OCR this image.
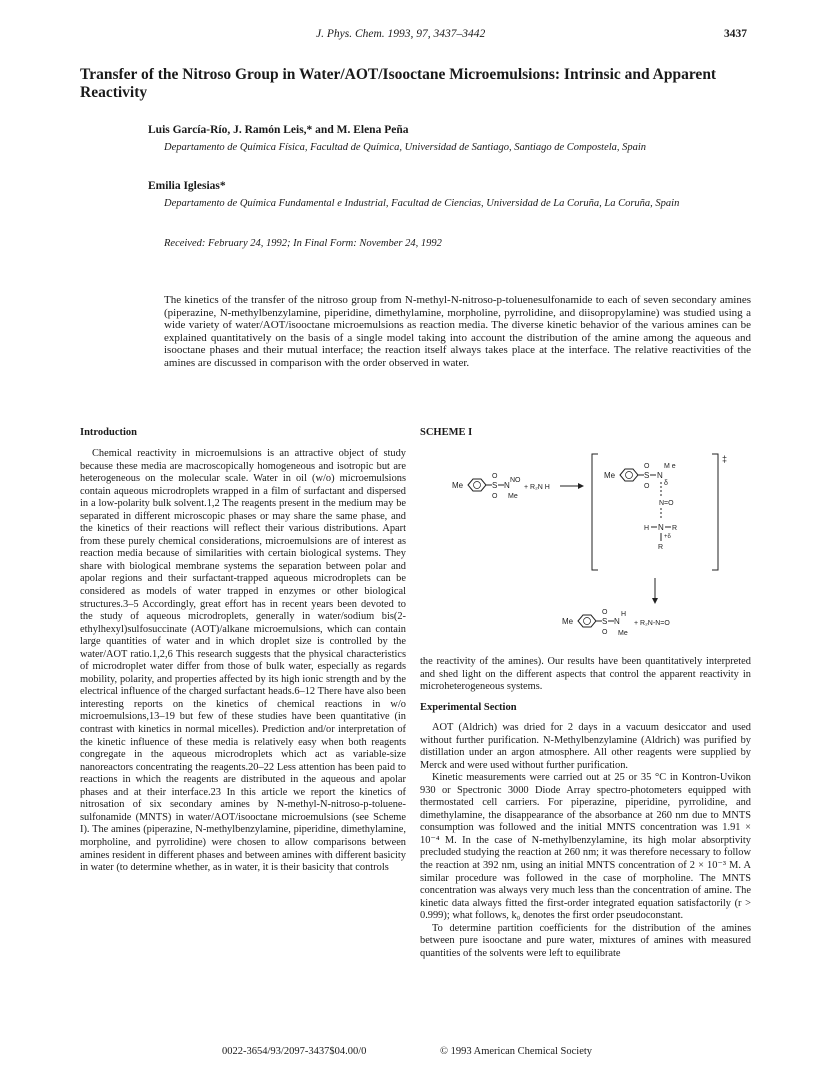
J. Phys. Chem. 1993, 97, 3437–3442	3437
Transfer of the Nitroso Group in Water/AOT/Isooctane Microemulsions: Intrinsic and Apparent Reactivity
Luis García-Río, J. Ramón Leis,* and M. Elena Peña
Departamento de Química Física, Facultad de Química, Universidad de Santiago, Santiago de Compostela, Spain
Emilia Iglesias*
Departamento de Química Fundamental e Industrial, Facultad de Ciencias, Universidad de La Coruña, La Coruña, Spain
Received: February 24, 1992; In Final Form: November 24, 1992

The kinetics of the transfer of the nitroso group from N-methyl-N-nitroso-p-toluenesulfonamide to each of seven secondary amines (piperazine, N-methylbenzylamine, piperidine, dimethylamine, morpholine, pyrrolidine, and diisopropylamine) was studied using a wide variety of water/AOT/isooctane microemulsions as reaction media. The diverse kinetic behavior of the various amines can be explained quantitatively on the basis of a single model taking into account the distribution of the amine among the aqueous and isooctane phases and their mutual interface; the reaction itself always takes place at the interface. The relative reactivities of the amines are discussed in comparison with the order observed in water.

Introduction

Chemical reactivity in microemulsions is an attractive object of study because these media are macroscopically homogeneous and isotropic but are heterogeneous on the molecular scale. Water in oil (w/o) microemulsions contain aqueous microdroplets wrapped in a film of surfactant and dispersed in a low-polarity bulk solvent.1,2 The reagents present in the medium may be separated in different microscopic phases or may share the same phase, and the kinetics of their reactions will reflect their various distributions. Apart from these purely chemical considerations, microemulsions are of interest as reaction media because of similarities with certain biological systems. They share with biological membrane systems the separation between polar and apolar regions and their surfactant-trapped aqueous microdroplets can be considered as models of water trapped in enzymes or other biological structures.3–5 Accordingly, great effort has in recent years been devoted to the study of aqueous microdroplets, generally in water/sodium bis(2-ethylhexyl)sulfosuccinate (AOT)/alkane microemulsions, which can contain large quantities of water and in which droplet size is controlled by the water/AOT ratio.1,2,6 This research suggests that the physical characteristics of microdroplet water differ from those of bulk water, especially as regards mobility, polarity, and properties affected by its high ionic strength and by the electrical influence of the charged surfactant heads.6–12 There have also been interesting reports on the kinetics of chemical reactions in w/o microemulsions,13–19 but few of these studies have been quantitative (in contrast with kinetics in normal micelles). Prediction and/or interpretation of the kinetic influence of these media is relatively easy when both reagents congregate in the aqueous microdroplets which act as variable-size nanoreactors concentrating the reagents.20–22 Less attention has been paid to reactions in which the reagents are distributed in the aqueous and apolar phases and at their interface.23 In this article we report the kinetics of nitrosation of six secondary amines by N-methyl-N-nitroso-p-toluene-sulfonamide (MNTS) in water/AOT/isooctane microemulsions (see Scheme I). The amines (piperazine, N-methylbenzylamine, piperidine, dimethylamine, morpholine, and pyrrolidine) were chosen to allow comparisons between amines resident in different phases and between amines with different basicity in water (to determine whether, as in water, it is their basicity that controls

SCHEME I
Me	S
O
O
N
NO
Me
+ R₂N H
‡
Me	S
O
O
N
M e
δ
N=O
H N R
+δ
R
Me	S
O
O
N
H
Me
+ R₂N-N=O

the reactivity of the amines). Our results have been quantitatively interpreted and shed light on the different aspects that control the apparent reactivity in microheterogeneous systems.

Experimental Section

AOT (Aldrich) was dried for 2 days in a vacuum desiccator and used without further purification. N-Methylbenzylamine (Aldrich) was purified by distillation under an argon atmosphere. All other reagents were supplied by Merck and were used without further purification.

Kinetic measurements were carried out at 25 or 35 °C in Kontron-Uvikon 930 or Spectronic 3000 Diode Array spectro-photometers equipped with thermostated cell carriers. For piperazine, piperidine, pyrrolidine, and dimethylamine, the disappearance of the absorbance at 260 nm due to MNTS consumption was followed and the initial MNTS concentration was 1.91 × 10⁻⁴ M. In the case of N-methylbenzylamine, its high molar absorptivity precluded studying the reaction at 260 nm; it was therefore necessary to follow the reaction at 392 nm, using an initial MNTS concentration of 2 × 10⁻³ M. A similar procedure was followed in the case of morpholine. The MNTS concentration was always very much less than the concentration of amine. The kinetic data always fitted the first-order integrated equation satisfactorily (r > 0.999); what follows, k₀ denotes the first order pseudoconstant.

To determine partition coefficients for the distribution of the amines between pure isooctane and pure water, mixtures of amines with measured quantities of the solvents were left to equilibrate

0022-3654/93/2097-3437$04.00/0	© 1993 American Chemical Society
